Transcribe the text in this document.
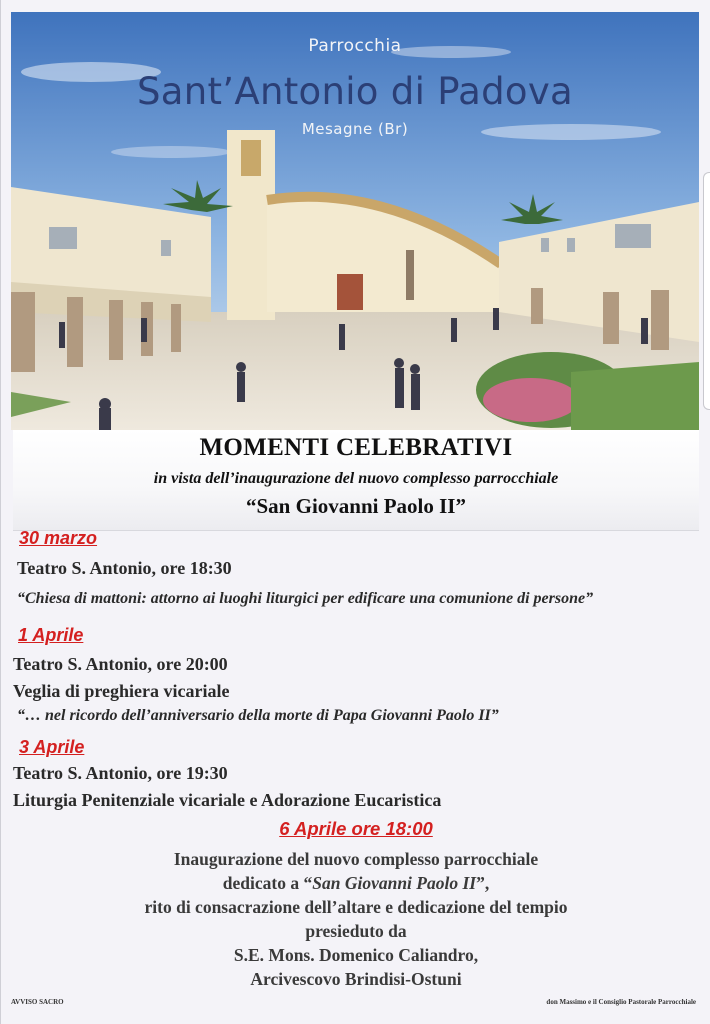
Parrocchia
Sant’Antonio di Padova
Mesagne (Br)
MOMENTI CELEBRATIVI
in vista dell’inaugurazione del nuovo complesso parrocchiale
“San Giovanni Paolo II”
30 marzo
Teatro S. Antonio, ore 18:30
“Chiesa di mattoni: attorno ai luoghi liturgici per edificare una comunione di persone”
1 Aprile
Teatro S. Antonio, ore 20:00
Veglia di preghiera vicariale
“… nel ricordo dell’anniversario della morte di Papa Giovanni Paolo II”
3 Aprile
Teatro S. Antonio, ore 19:30
Liturgia Penitenziale vicariale e Adorazione Eucaristica
6 Aprile ore 18:00
Inaugurazione del nuovo complesso parrocchiale
dedicato a “San Giovanni Paolo II”,
rito di consacrazione dell’altare e dedicazione del tempio
presieduto da
S.E. Mons. Domenico Caliandro,
Arcivescovo Brindisi-Ostuni
AVVISO SACRO	don Massimo e il Consiglio Pastorale Parrocchiale
